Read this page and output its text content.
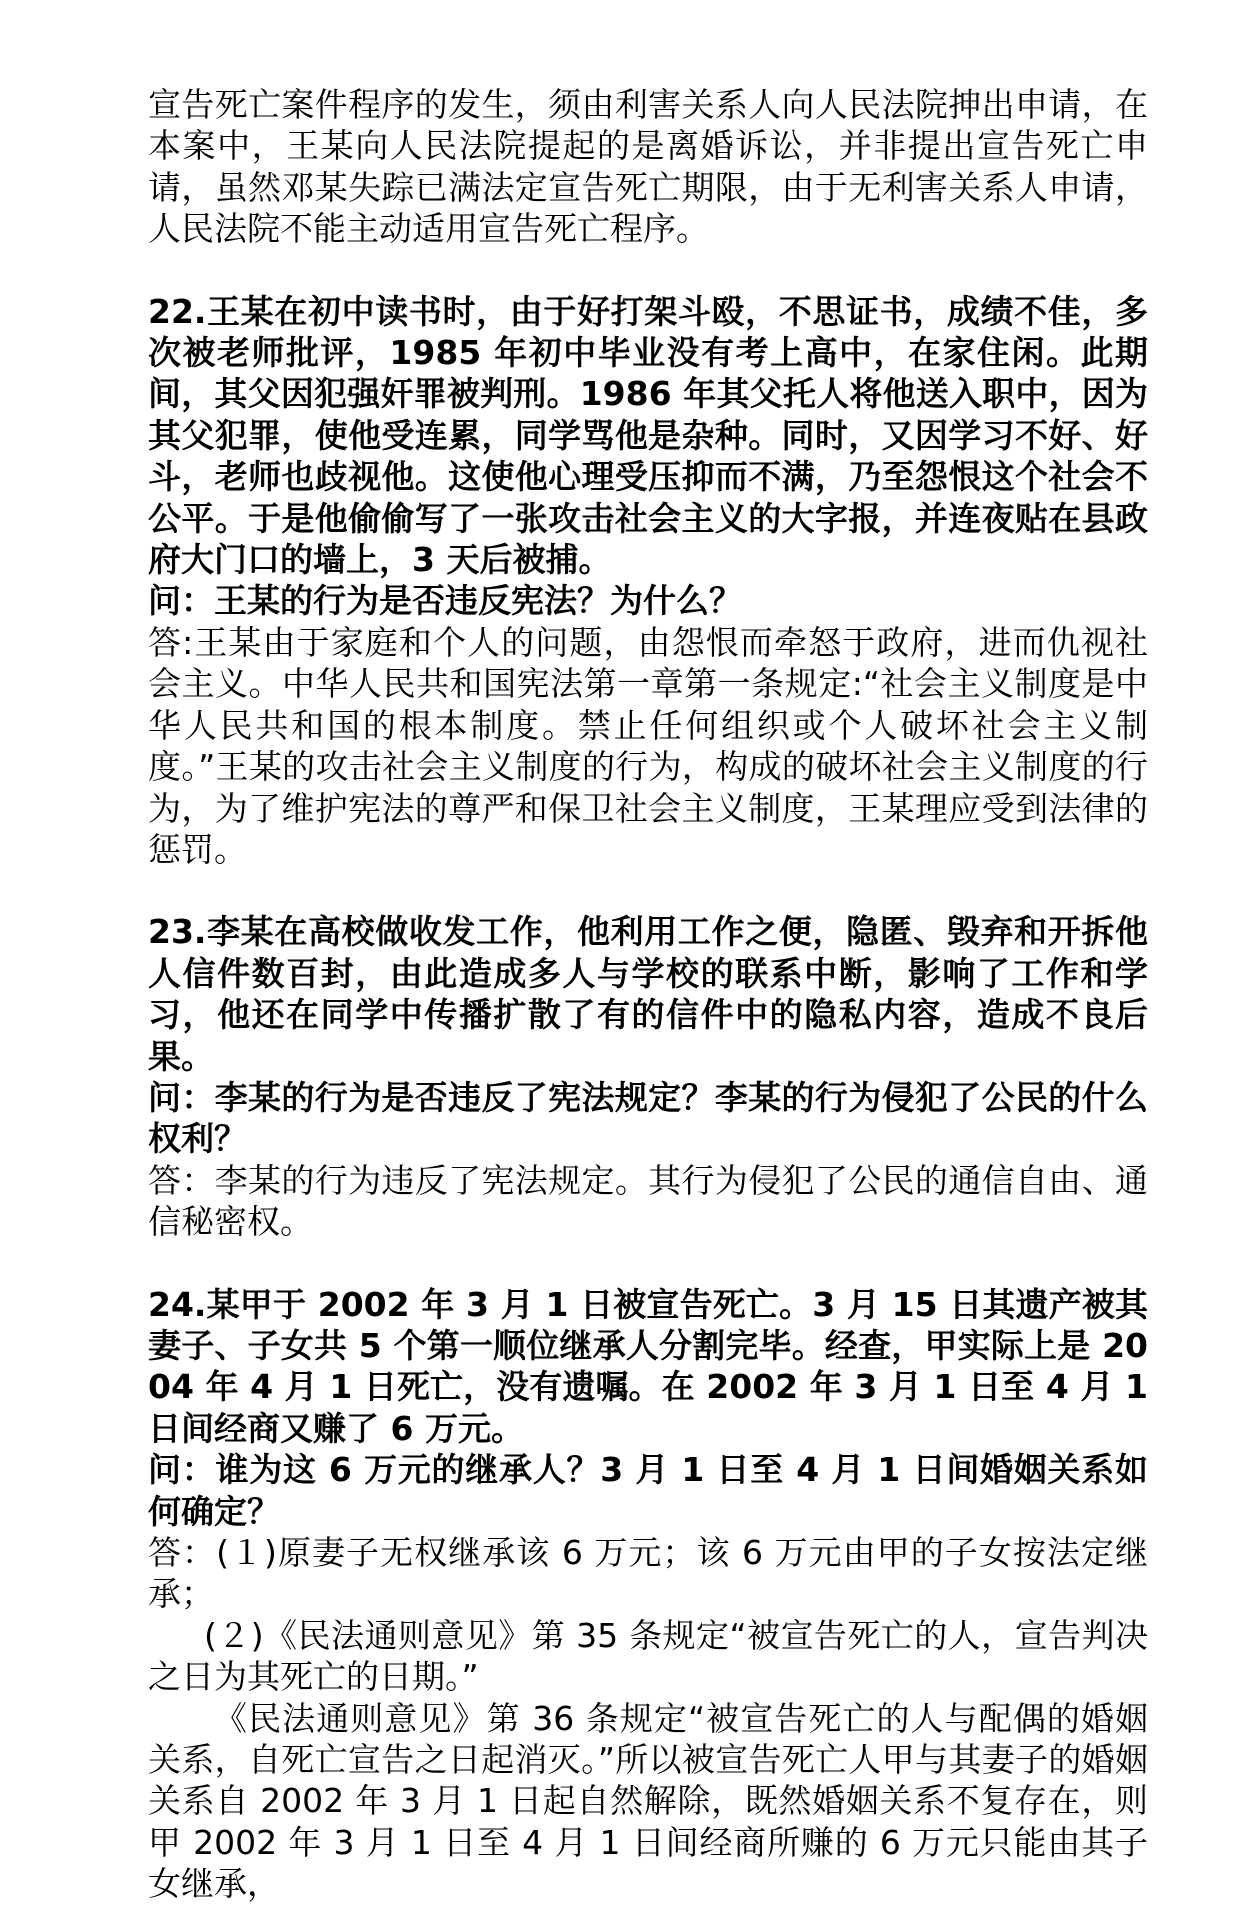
宣告死亡案件程序的发生，须由利害关系人向人民法院抻出申请，在本案中，王某向人民法院提起的是离婚诉讼，并非提出宣告死亡申请，虽然邓某失踪已满法定宣告死亡期限，由于无利害关系人申请，人民法院不能主动适用宣告死亡程序。

22.王某在初中读书时，由于好打架斗殴，不思证书，成绩不佳，多次被老师批评，1985 年初中毕业没有考上高中，在家住闲。此期间，其父因犯强奸罪被判刑。1986 年其父托人将他送入职中，因为其父犯罪，使他受连累，同学骂他是杂种。同时，又因学习不好、好斗，老师也歧视他。这使他心理受压抑而不满，乃至怨恨这个社会不公平。于是他偷偷写了一张攻击社会主义的大字报，并连夜贴在县政府大门口的墙上，3 天后被捕。

问：王某的行为是否违反宪法？为什么？

答:王某由于家庭和个人的问题，由怨恨而牵怒于政府，进而仇视社会主义。中华人民共和国宪法第一章第一条规定:“社会主义制度是中华人民共和国的根本制度。禁止任何组织或个人破坏社会主义制度。”王某的攻击社会主义制度的行为，构成的破坏社会主义制度的行为，为了维护宪法的尊严和保卫社会主义制度，王某理应受到法律的惩罚。

23.李某在高校做收发工作，他利用工作之便，隐匿、毁弃和开拆他人信件数百封，由此造成多人与学校的联系中断，影响了工作和学习，他还在同学中传播扩散了有的信件中的隐私内容，造成不良后果。

问：李某的行为是否违反了宪法规定？李某的行为侵犯了公民的什么权利？

答：李某的行为违反了宪法规定。其行为侵犯了公民的通信自由、通信秘密权。

24.某甲于 2002 年 3 月 1 日被宣告死亡。3 月 15 日其遗产被其妻子、子女共 5 个第一顺位继承人分割完毕。经查，甲实际上是 2004 年 4 月 1 日死亡，没有遗嘱。在 2002 年 3 月 1 日至 4 月 1 日间经商又赚了 6 万元。

问：谁为这 6 万元的继承人？3 月 1 日至 4 月 1 日间婚姻关系如何确定？

答：(１)原妻子无权继承该 6 万元；该 6 万元由甲的子女按法定继承；

(２)《民法通则意见》第 35 条规定“被宣告死亡的人，宣告判决之日为其死亡的日期。”

《民法通则意见》第 36 条规定“被宣告死亡的人与配偶的婚姻关系，自死亡宣告之日起消灭。”所以被宣告死亡人甲与其妻子的婚姻关系自 2002 年 3 月 1 日起自然解除，既然婚姻关系不复存在，则甲 2002 年 3 月 1 日至 4 月 1 日间经商所赚的 6 万元只能由其子女继承，
